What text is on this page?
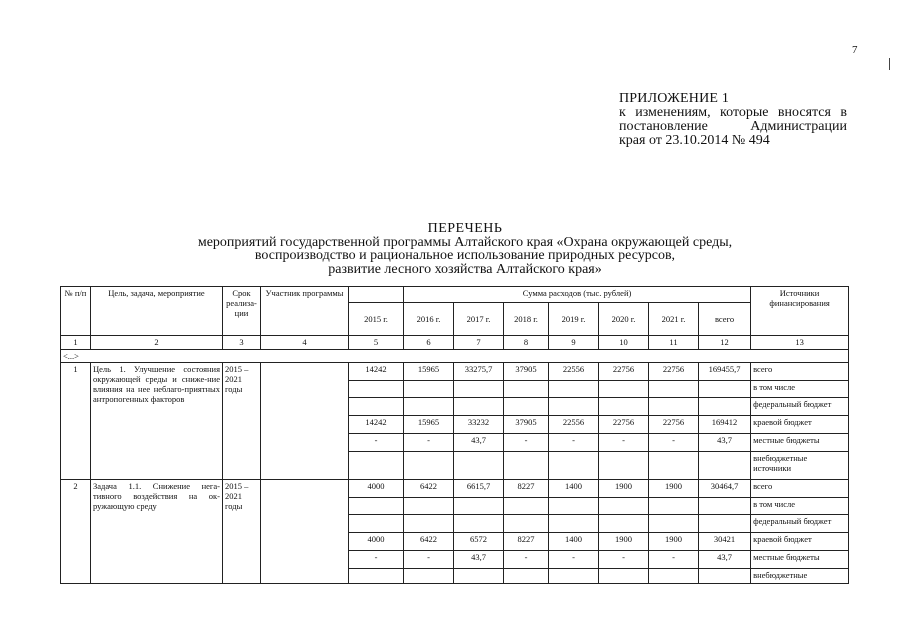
7
ПРИЛОЖЕНИЕ 1
к изменениям, которые вносятся в
постановление Администрации
края от 23.10.2014 № 494
ПЕРЕЧЕНЬ
мероприятий государственной программы Алтайского края «Охрана окружающей среды,
воспроизводство и рациональное использование природных ресурсов,
развитие лесного хозяйства Алтайского края»
№ п/п	Цель, задача, мероприятие	Срок реализа-ции	Участник программы		Сумма расходов (тыс. рублей)							Источники финансирования
				2015 г.	2016 г.	2017 г.	2018 г.	2019 г.	2020 г.	2021 г.	всего	
1	2	3	4	5	6	7	8	9	10	11	12	13
<...>												
1	Цель 1. Улучшение состояния окружающей среды и сниже-ние влияния на нее неблаго-приятных антропогенных факторов	2015 – 2021 годы		14242	15965	33275,7	37905	22556	22756	22756	169455,7	всего
												в том числе
												федеральный бюджет
				14242	15965	33232	37905	22556	22756	22756	169412	краевой бюджет
				-	-	43,7	-	-	-	-	43,7	местные бюджеты
												внебюджетные источники
2	Задача 1.1. Снижение нега-тивного воздействия на ок-ружающую среду	2015 – 2021 годы		4000	6422	6615,7	8227	1400	1900	1900	30464,7	всего
												в том числе
												федеральный бюджет
				4000	6422	6572	8227	1400	1900	1900	30421	краевой бюджет
				-	-	43,7	-	-	-	-	43,7	местные бюджеты
												внебюджетные
